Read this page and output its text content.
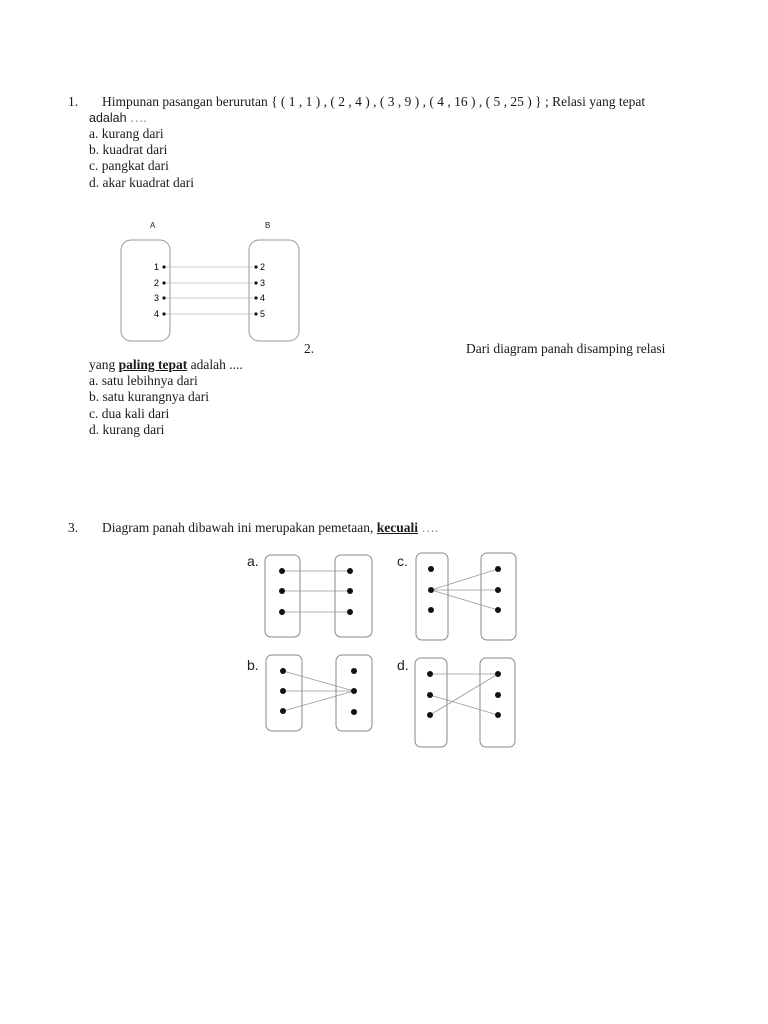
1. Himpunan pasangan berurutan { ( 1 , 1 ) , ( 2 , 4 ) , ( 3 , 9 ) , ( 4 , 16 ) , ( 5 , 25 ) } ; Relasi yang tepat
adalah ….
a. kurang dari
b. kuadrat dari
c. pangkat dari
d. akar kuadrat dari
A	B
1	2
2	3
3	4
4	5
2.	Dari diagram panah disamping relasi
yang paling tepat adalah ....
a. satu lebihnya dari
b. satu kurangnya dari
c. dua kali dari
d. kurang dari
3. Diagram panah dibawah ini merupakan pemetaan, kecuali ….
a.	c.
b.	d.
